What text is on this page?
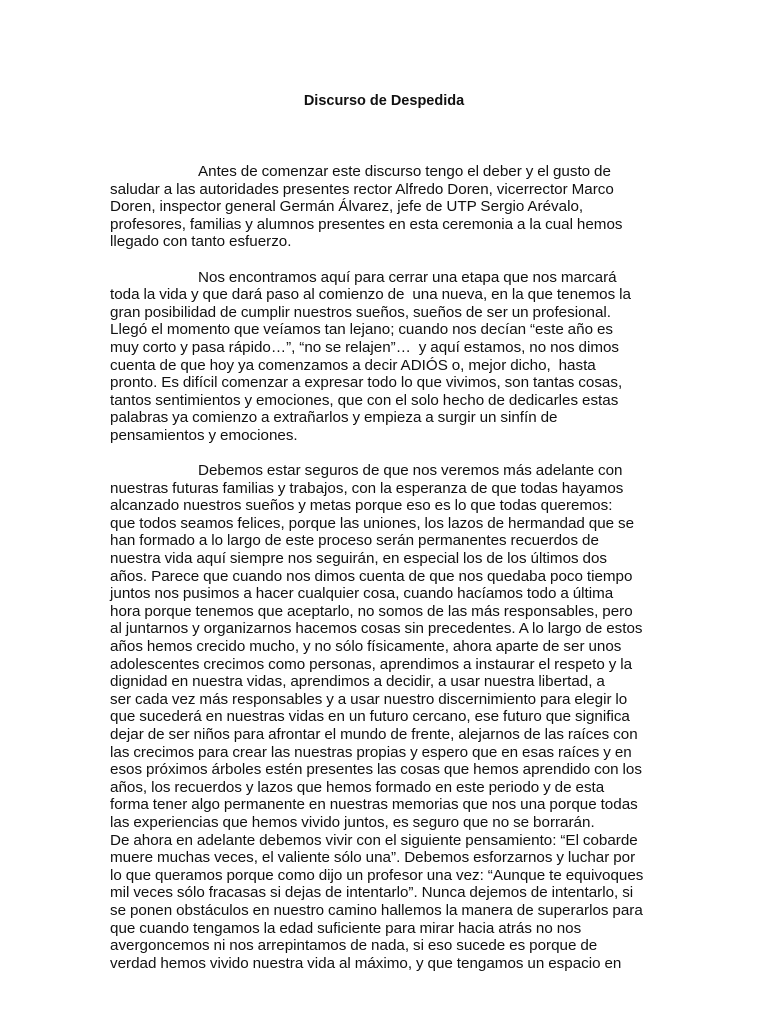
Discurso de Despedida
Antes de comenzar este discurso tengo el deber y el gusto de
saludar a las autoridades presentes rector Alfredo Doren, vicerrector Marco
Doren, inspector general Germán Álvarez, jefe de UTP Sergio Arévalo,
profesores, familias y alumnos presentes en esta ceremonia a la cual hemos
llegado con tanto esfuerzo.
Nos encontramos aquí para cerrar una etapa que nos marcará
toda la vida y que dará paso al comienzo de  una nueva, en la que tenemos la
gran posibilidad de cumplir nuestros sueños, sueños de ser un profesional.
Llegó el momento que veíamos tan lejano; cuando nos decían “este año es
muy corto y pasa rápido…”, “no se relajen”…  y aquí estamos, no nos dimos
cuenta de que hoy ya comenzamos a decir ADIÓS o, mejor dicho,  hasta
pronto. Es difícil comenzar a expresar todo lo que vivimos, son tantas cosas,
tantos sentimientos y emociones, que con el solo hecho de dedicarles estas
palabras ya comienzo a extrañarlos y empieza a surgir un sinfín de
pensamientos y emociones.
Debemos estar seguros de que nos veremos más adelante con
nuestras futuras familias y trabajos, con la esperanza de que todas hayamos
alcanzado nuestros sueños y metas porque eso es lo que todas queremos:
que todos seamos felices, porque las uniones, los lazos de hermandad que se
han formado a lo largo de este proceso serán permanentes recuerdos de
nuestra vida aquí siempre nos seguirán, en especial los de los últimos dos
años. Parece que cuando nos dimos cuenta de que nos quedaba poco tiempo
juntos nos pusimos a hacer cualquier cosa, cuando hacíamos todo a última
hora porque tenemos que aceptarlo, no somos de las más responsables, pero
al juntarnos y organizarnos hacemos cosas sin precedentes. A lo largo de estos
años hemos crecido mucho, y no sólo físicamente, ahora aparte de ser unos
adolescentes crecimos como personas, aprendimos a instaurar el respeto y la
dignidad en nuestra vidas, aprendimos a decidir, a usar nuestra libertad, a
ser cada vez más responsables y a usar nuestro discernimiento para elegir lo
que sucederá en nuestras vidas en un futuro cercano, ese futuro que significa
dejar de ser niños para afrontar el mundo de frente, alejarnos de las raíces con
las crecimos para crear las nuestras propias y espero que en esas raíces y en
esos próximos árboles estén presentes las cosas que hemos aprendido con los
años, los recuerdos y lazos que hemos formado en este periodo y de esta
forma tener algo permanente en nuestras memorias que nos una porque todas
las experiencias que hemos vivido juntos, es seguro que no se borrarán.
De ahora en adelante debemos vivir con el siguiente pensamiento: “El cobarde
muere muchas veces, el valiente sólo una”. Debemos esforzarnos y luchar por
lo que queramos porque como dijo un profesor una vez: “Aunque te equivoques
mil veces sólo fracasas si dejas de intentarlo”. Nunca dejemos de intentarlo, si
se ponen obstáculos en nuestro camino hallemos la manera de superarlos para
que cuando tengamos la edad suficiente para mirar hacia atrás no nos
avergoncemos ni nos arrepintamos de nada, si eso sucede es porque de
verdad hemos vivido nuestra vida al máximo, y que tengamos un espacio en
